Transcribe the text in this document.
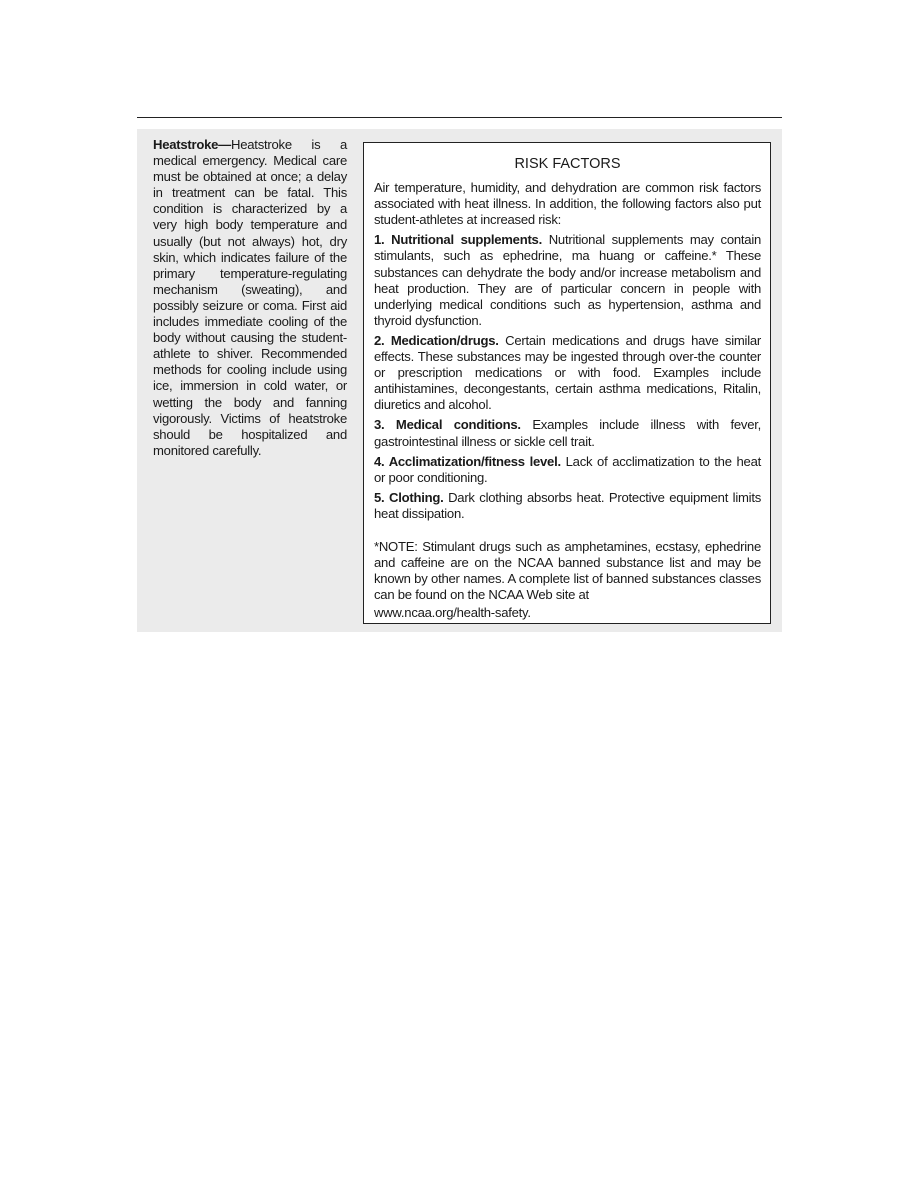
Heatstroke—Heatstroke is a medical emergency. Medical care must be obtained at once; a delay in treatment can be fatal. This condition is characterized by a very high body temperature and usually (but not always) hot, dry skin, which indicates failure of the primary temperature-regulating mechanism (sweating), and possibly seizure or coma. First aid includes immediate cooling of the body without causing the student-athlete to shiver. Recommended methods for cooling include using ice, immersion in cold water, or wetting the body and fanning vigorously. Victims of heatstroke should be hospitalized and monitored carefully.
RISK FACTORS

Air temperature, humidity, and dehydration are common risk factors associated with heat illness. In addition, the following factors also put student-athletes at increased risk:

1. Nutritional supplements. Nutritional supplements may contain stimulants, such as ephedrine, ma huang or caffeine.* These substances can dehydrate the body and/or increase metabolism and heat production. They are of particular concern in people with underlying medical conditions such as hypertension, asthma and thyroid dysfunction.

2. Medication/drugs. Certain medications and drugs have similar effects. These substances may be ingested through over-the counter or prescription medications or with food. Examples include antihistamines, decongestants, certain asthma medications, Ritalin, diuretics and alcohol.

3. Medical conditions. Examples include illness with fever, gastrointestinal illness or sickle cell trait.

4. Acclimatization/fitness level. Lack of acclimatization to the heat or poor conditioning.

5. Clothing. Dark clothing absorbs heat. Protective equipment limits heat dissipation.

*NOTE: Stimulant drugs such as amphetamines, ecstasy, ephedrine and caffeine are on the NCAA banned substance list and may be known by other names. A complete list of banned substances classes can be found on the NCAA Web site at
www.ncaa.org/health-safety.
